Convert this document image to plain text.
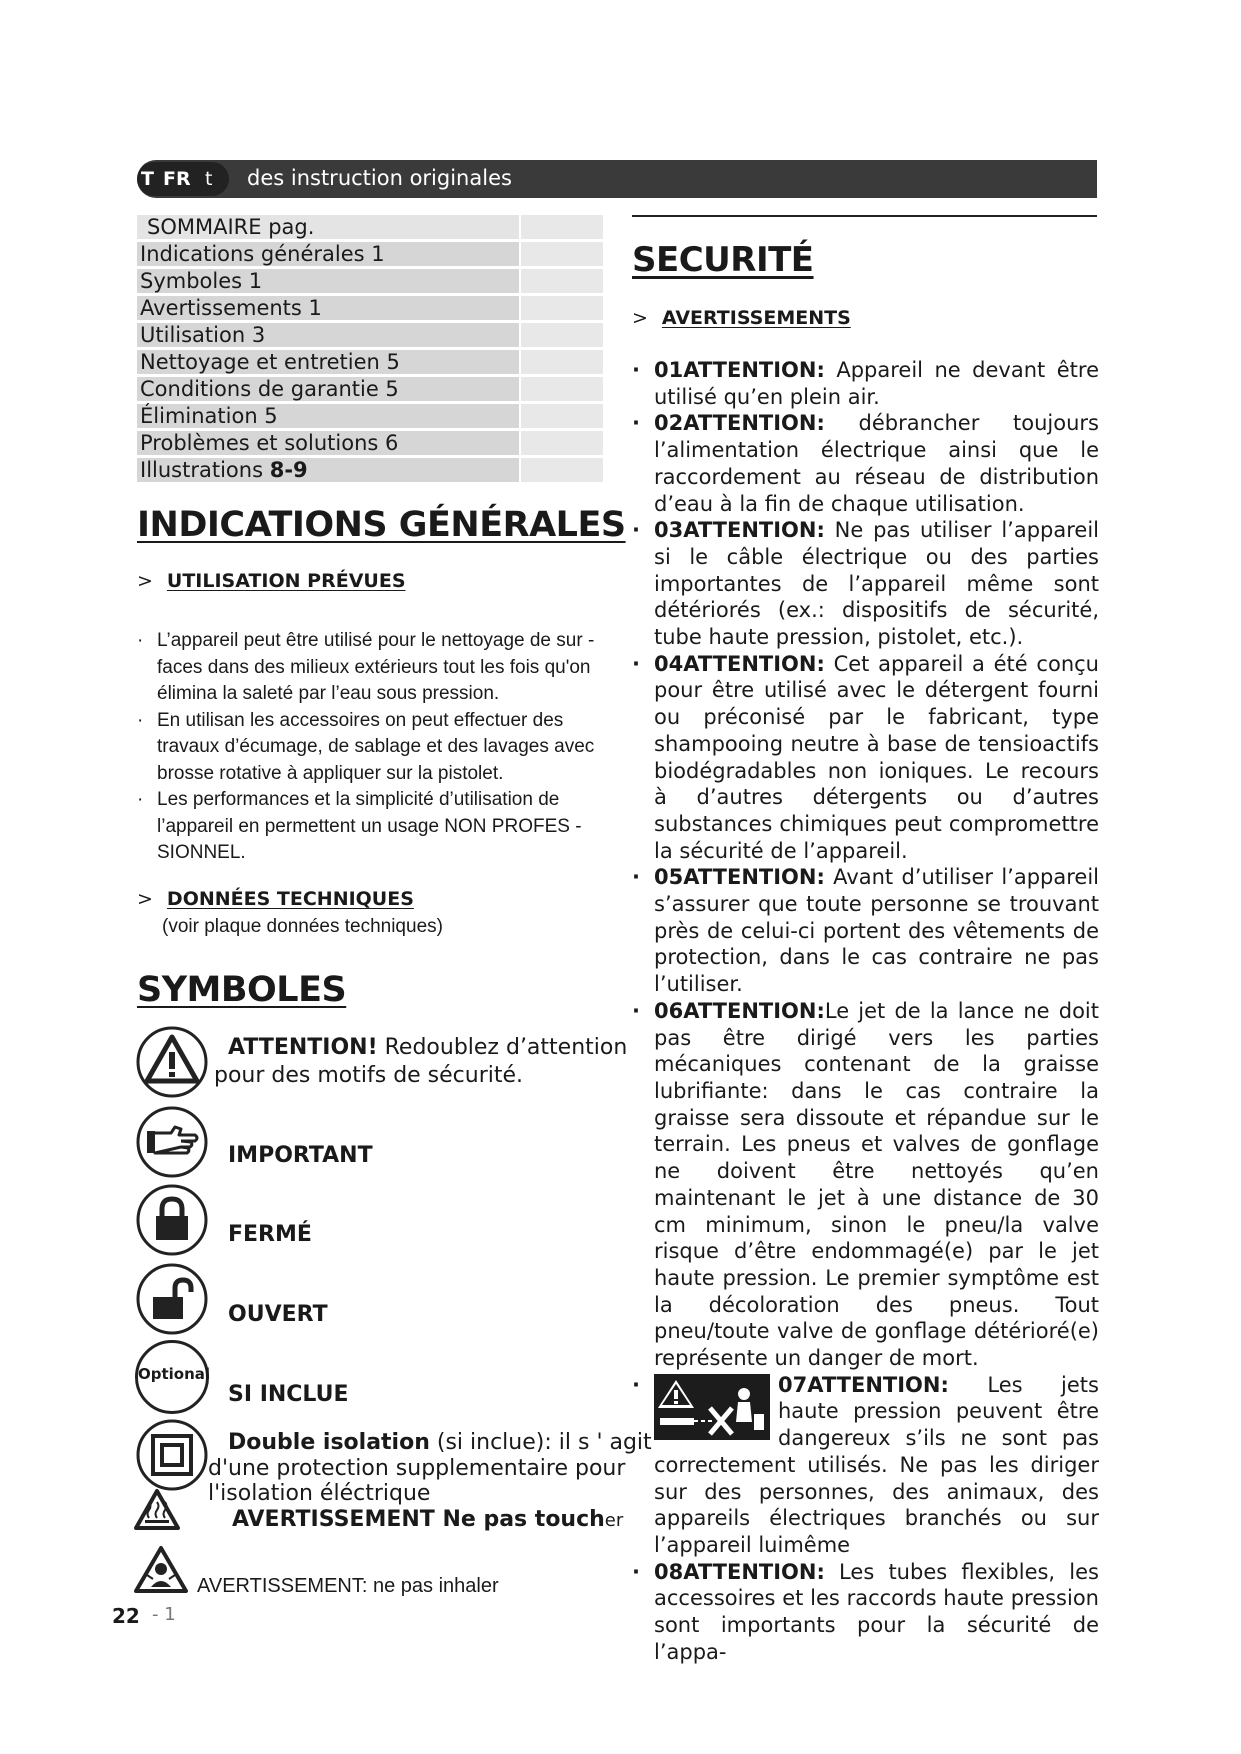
T FR t des instruction originales
SOMMAIRE pag.
Indications générales 1
Symboles 1
Avertissements 1
Utilisation 3
Nettoyage et entretien 5
Conditions de garantie 5
Élimination 5
Problèmes et solutions 6
Illustrations 8-9
INDICATIONS GÉNÉRALES
> UTILISATION PRÉVUES

· L’appareil peut être utilisé pour le nettoyage de sur - faces dans des milieux extérieurs tout les fois qu'on élimina la saleté par l’eau sous pression.

· En utilisan les accessoires on peut effectuer des travaux d’écumage, de sablage et des lavages avec brosse rotative à appliquer sur la pistolet.

· Les performances et la simplicité d’utilisation de l’appareil en permettent un usage NON PROFES - SIONNEL.

> DONNÉES TECHNIQUES
(voir plaque données techniques)
SYMBOLES
ATTENTION! Redoublez d’attention
pour des motifs de sécurité.
IMPORTANT
FERMÉ
OUVERT
Optional
SI INCLUE
Double isolation (si inclue): il s ' agit
d'une protection supplementaire pour
l'isolation éléctrique
AVERTISSEMENT Ne pas toucher
AVERTISSEMENT: ne pas inhaler
22 - 1
SECURITÉ
> AVERTISSEMENTS

· 01ATTENTION: Appareil ne devant être utilisé qu’en plein air.

· 02ATTENTION: débrancher toujours l’alimentation électrique ainsi que le raccordement au réseau de distribution d’eau à la fin de chaque utilisation.

· 03ATTENTION: Ne pas utiliser l’appareil si le câble électrique ou des parties importantes de l’appareil même sont détériorés (ex.: dispositifs de sécurité, tube haute pression, pistolet, etc.).

· 04ATTENTION: Cet appareil a été conçu pour être utilisé avec le détergent fourni ou préconisé par le fabricant, type shampooing neutre à base de tensioactifs biodégradables non ioniques. Le recours à d’autres détergents ou d’autres substances chimiques peut compromettre la sécurité de l’appareil.

· 05ATTENTION: Avant d’utiliser l’appareil s’assurer que toute personne se trouvant près de celui-ci portent des vêtements de protection, dans le cas contraire ne pas l’utiliser.

· 06ATTENTION:Le jet de la lance ne doit pas être dirigé vers les parties mécaniques contenant de la graisse lubrifiante: dans le cas contraire la graisse sera dissoute et répandue sur le terrain. Les pneus et valves de gonflage ne doivent être nettoyés qu’en maintenant le jet à une distance de 30 cm minimum, sinon le pneu/la valve risque d’être endommagé(e) par le jet haute pression. Le premier symptôme est la décoloration des pneus. Tout pneu/toute valve de gonflage détérioré(e) représente un danger de mort.

· 07ATTENTION: Les jets haute pression peuvent être dangereux s’ils ne sont pas correctement utilisés. Ne pas les diriger sur des personnes, des animaux, des appareils électriques branchés ou sur l’appareil luimême

· 08ATTENTION: Les tubes flexibles, les accessoires et les raccords haute pression sont importants pour la sécurité de l’appa-
